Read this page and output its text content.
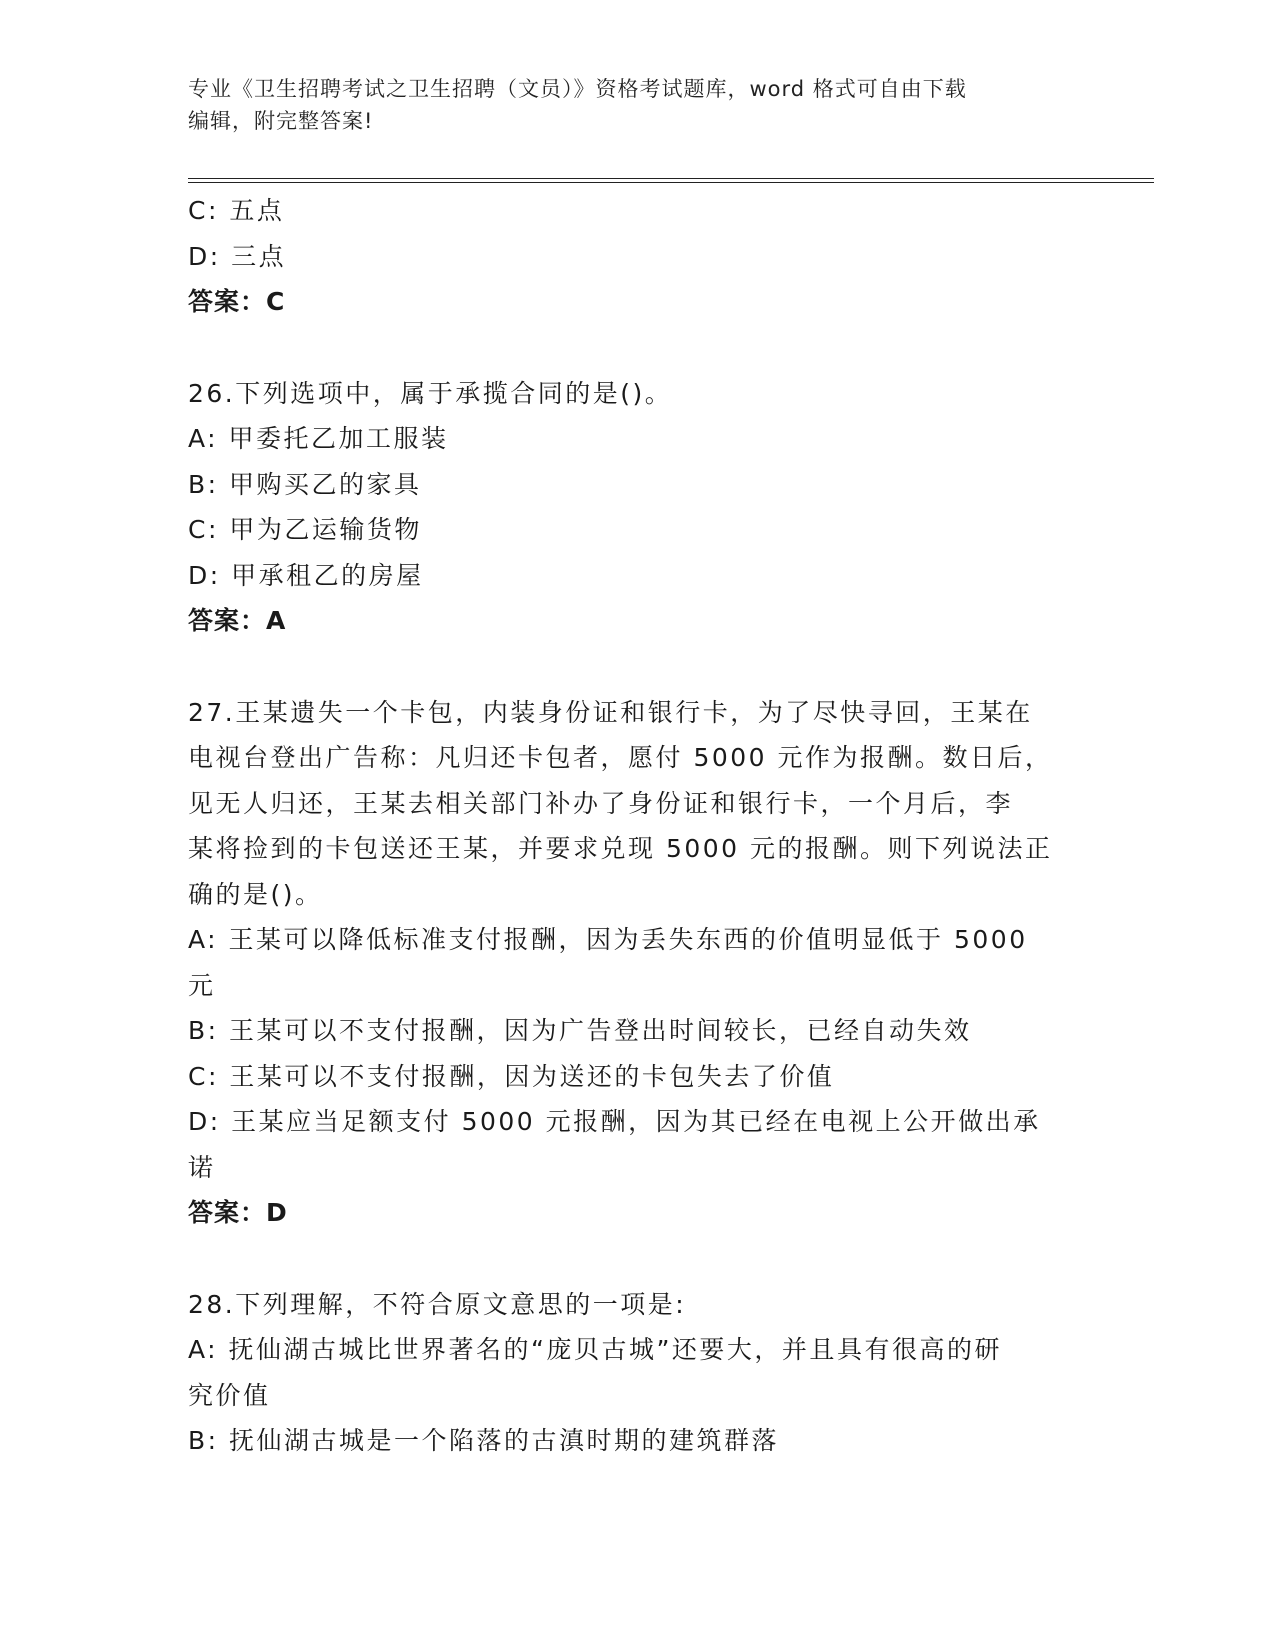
专业《卫生招聘考试之卫生招聘（文员）》资格考试题库，word 格式可自由下载
编辑，附完整答案!

C: 五点

D: 三点

答案：C

26.下列选项中，属于承揽合同的是()。

A: 甲委托乙加工服装

B: 甲购买乙的家具

C: 甲为乙运输货物

D: 甲承租乙的房屋

答案：A

27.王某遗失一个卡包，内装身份证和银行卡，为了尽快寻回，王某在

电视台登出广告称：凡归还卡包者，愿付 5000 元作为报酬。数日后，

见无人归还，王某去相关部门补办了身份证和银行卡，一个月后，李

某将捡到的卡包送还王某，并要求兑现 5000 元的报酬。则下列说法正

确的是()。

A: 王某可以降低标准支付报酬，因为丢失东西的价值明显低于 5000

元

B: 王某可以不支付报酬，因为广告登出时间较长，已经自动失效

C: 王某可以不支付报酬，因为送还的卡包失去了价值

D: 王某应当足额支付 5000 元报酬，因为其已经在电视上公开做出承

诺

答案：D

28.下列理解，不符合原文意思的一项是:

A: 抚仙湖古城比世界著名的“庞贝古城”还要大，并且具有很高的研

究价值

B: 抚仙湖古城是一个陷落的古滇时期的建筑群落
